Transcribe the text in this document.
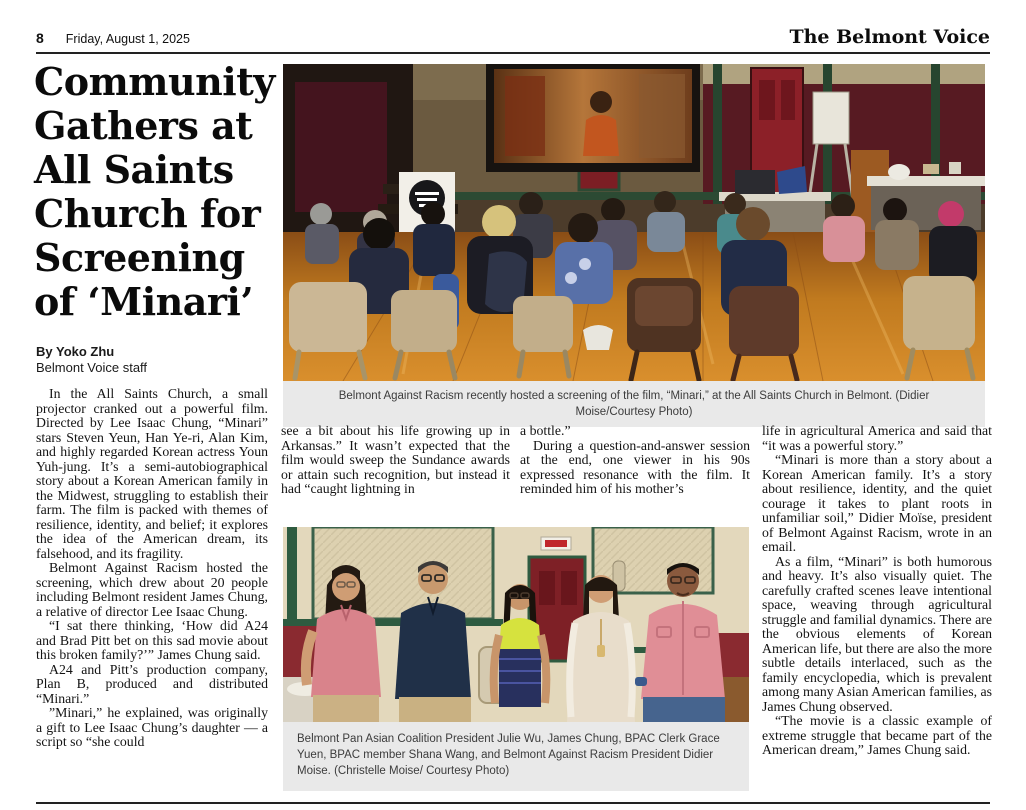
8 Friday, August 1, 2025	The Belmont Voice
Community
Gathers at
All Saints
Church for
Screening
of ‘Minari’
By Yoko Zhu
Belmont Voice staff
Belmont Against Racism recently hosted a screening of the film, “Minari,” at the All Saints Church in Belmont. (Didier Moise/Courtesy Photo)

In the All Saints Church, a small projector cranked out a powerful film. Directed by Lee Isaac Chung, “Minari” stars Steven Yeun, Han Ye-ri, Alan Kim, and highly regarded Korean actress Youn Yuh-jung. It’s a semi-autobiographical story about a Korean American family in the Midwest, struggling to establish their farm. The film is packed with themes of resilience, identity, and belief; it explores the idea of the American dream, its falsehood, and its fragility.

Belmont Against Racism hosted the screening, which drew about 20 people including Belmont resident James Chung, a relative of director Lee Isaac Chung.

“I sat there thinking, ‘How did A24 and Brad Pitt bet on this sad movie about this broken family?’” James Chung said.

A24 and Pitt’s production company, Plan B, produced and distributed “Minari.”

”Minari,” he explained, was originally a gift to Lee Isaac Chung’s daughter — a script so “she could

see a bit about his life growing up in Arkansas.” It wasn’t expected that the film would sweep the Sundance awards or attain such recognition, but instead it had “caught lightning in

a bottle.”

During a question-and-answer session at the end, one viewer in his 90s expressed resonance with the film. It reminded him of his mother’s

life in agricultural America and said that “it was a powerful story.”

“Minari is more than a story about a Korean American family. It’s a story about resilience, identity, and the quiet courage it takes to plant roots in unfamiliar soil,” Didier Moïse, president of Belmont Against Racism, wrote in an email.

As a film, “Minari” is both humorous and heavy. It’s also visually quiet. The carefully crafted scenes leave intentional space, weaving through agricultural struggle and familial dynamics. There are the obvious elements of Korean American life, but there are also the more subtle details interlaced, such as the family encyclopedia, which is prevalent among many Asian American families, as James Chung observed.

“The movie is a classic example of extreme struggle that became part of the American dream,” James Chung said.

Belmont Pan Asian Coalition President Julie Wu, James Chung, BPAC Clerk Grace Yuen, BPAC member Shana Wang, and Belmont Against Racism President Didier Moise. (Christelle Moise/ Courtesy Photo)
